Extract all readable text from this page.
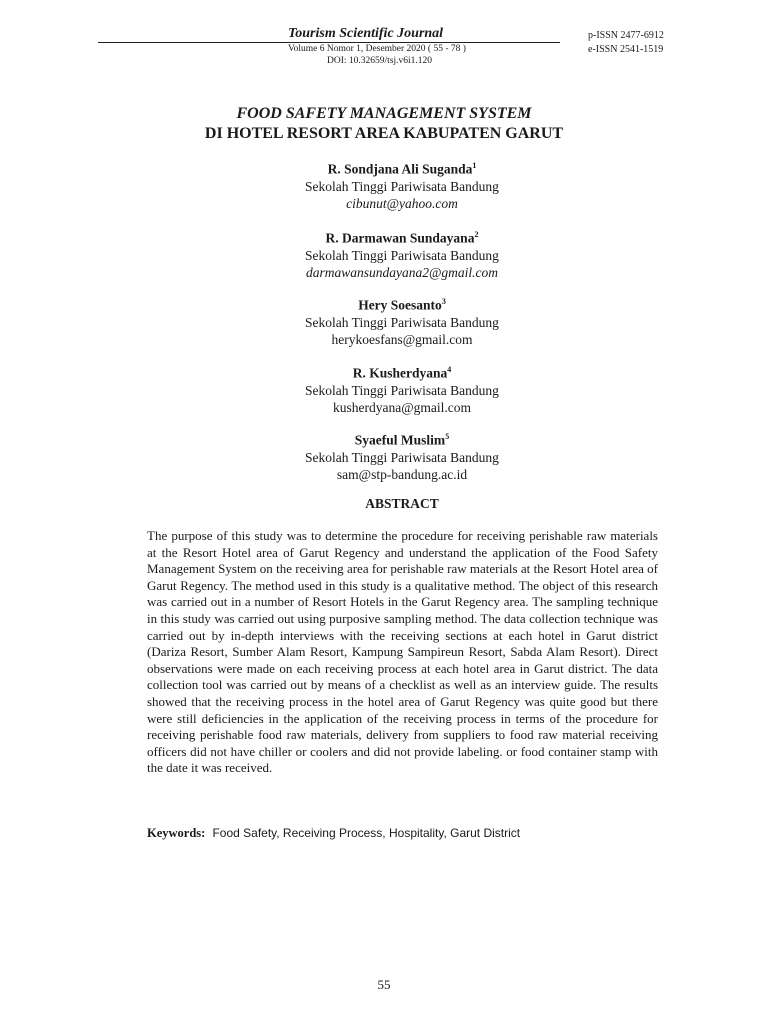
Tourism Scientific Journal
Volume 6 Nomor 1, Desember 2020 ( 55 - 78 )
DOI: 10.32659/tsj.v6i1.120
p-ISSN 2477-6912
e-ISSN 2541-1519
FOOD SAFETY MANAGEMENT SYSTEM
DI HOTEL RESORT AREA KABUPATEN GARUT
R. Sondjana Ali Suganda$^1$
Sekolah Tinggi Pariwisata Bandung
cibunut@yahoo.com
R. Darmawan Sundayana$^2$
Sekolah Tinggi Pariwisata Bandung
darmawansundayana2@gmail.com
Hery Soesanto$^3$
Sekolah Tinggi Pariwisata Bandung
herykoesfans@gmail.com
R. Kusherdyana$^4$
Sekolah Tinggi Pariwisata Bandung
kusherdyana@gmail.com
Syaeful Muslim$^5$
Sekolah Tinggi Pariwisata Bandung
sam@stp-bandung.ac.id
ABSTRACT
The purpose of this study was to determine the procedure for receiving perishable raw materials at the Resort Hotel area of Garut Regency and understand the application of the Food Safety Management System on the receiving area for perishable raw materials at the Resort Hotel area of Garut Regency. The method used in this study is a qualitative method. The object of this research was carried out in a number of Resort Hotels in the Garut Regency area. The sampling technique in this study was carried out using purposive sampling method. The data collection technique was carried out by in-depth interviews with the receiving sections at each hotel in Garut district (Dariza Resort, Sumber Alam Resort, Kampung Sampireun Resort, Sabda Alam Resort). Direct observations were made on each receiving process at each hotel area in Garut district. The data collection tool was carried out by means of a checklist as well as an interview guide. The results showed that the receiving process in the hotel area of Garut Regency was quite good but there were still deficiencies in the application of the receiving process in terms of the procedure for receiving perishable food raw materials, delivery from suppliers to food raw material receiving officers did not have chiller or coolers and did not provide labeling. or food container stamp with the date it was received.
Keywords: Food Safety, Receiving Process, Hospitality, Garut District
55
